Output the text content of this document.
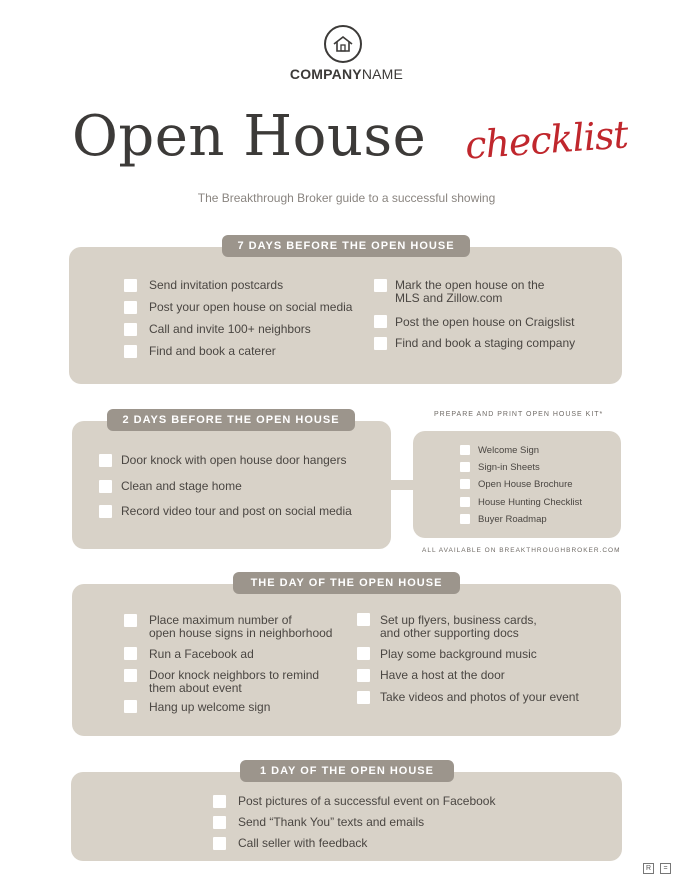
COMPANYNAME
Open House checklist
The Breakthrough Broker guide to a successful showing
7 DAYS BEFORE THE OPEN HOUSE
Send invitation postcards
Post your open house on social media
Call and invite 100+ neighbors
Find and book a caterer
Mark the open house on the
MLS and Zillow.com
Post the open house on Craigslist
Find and book a staging company
2 DAYS BEFORE THE OPEN HOUSE
Door knock with open house door hangers
Clean and stage home
Record video tour and post on social media
PREPARE AND PRINT OPEN HOUSE KIT*
Welcome Sign
Sign-in Sheets
Open House Brochure
House Hunting Checklist
Buyer Roadmap
ALL AVAILABLE ON BREAKTHROUGHBROKER.COM
THE DAY OF THE OPEN HOUSE
Place maximum number of
open house signs in neighborhood
Run a Facebook ad
Door knock neighbors to remind
them about event
Hang up welcome sign
Set up flyers, business cards,
and other supporting docs
Play some background music
Have a host at the door
Take videos and photos of your event
1 DAY OF THE OPEN HOUSE
Post pictures of a successful event on Facebook
Send “Thank You” texts and emails
Call seller with feedback
R	=
